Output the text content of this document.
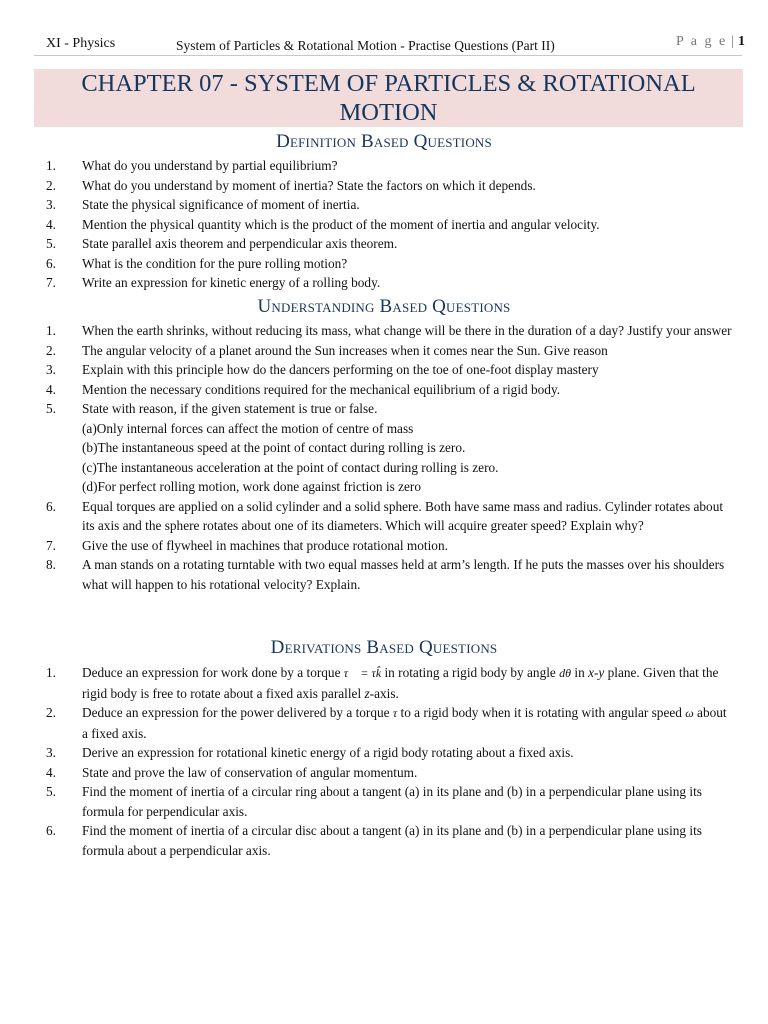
XI - Physics	System of Particles & Rotational Motion - Practise Questions (Part II)	P a g e | 1
CHAPTER 07 - SYSTEM OF PARTICLES & ROTATIONAL MOTION
Definition Based Questions
1. What do you understand by partial equilibrium?
2. What do you understand by moment of inertia? State the factors on which it depends.
3. State the physical significance of moment of inertia.
4. Mention the physical quantity which is the product of the moment of inertia and angular velocity.
5. State parallel axis theorem and perpendicular axis theorem.
6. What is the condition for the pure rolling motion?
7. Write an expression for kinetic energy of a rolling body.
Understanding Based Questions
1. When the earth shrinks, without reducing its mass, what change will be there in the duration of a day? Justify your answer
2. The angular velocity of a planet around the Sun increases when it comes near the Sun. Give reason
3. Explain with this principle how do the dancers performing on the toe of one-foot display mastery
4. Mention the necessary conditions required for the mechanical equilibrium of a rigid body.
5. State with reason, if the given statement is true or false.
(a)Only internal forces can affect the motion of centre of mass
(b)The instantaneous speed at the point of contact during rolling is zero.
(c)The instantaneous acceleration at the point of contact during rolling is zero.
(d)For perfect rolling motion, work done against friction is zero
6. Equal torques are applied on a solid cylinder and a solid sphere. Both have same mass and radius. Cylinder rotates about its axis and the sphere rotates about one of its diameters. Which will acquire greater speed? Explain why?
7. Give the use of flywheel in machines that produce rotational motion.
8. A man stands on a rotating turntable with two equal masses held at arm’s length. If he puts the masses over his shoulders what will happen to his rotational velocity? Explain.
Derivations Based Questions
1. Deduce an expression for work done by a torque τ⃗ = τk̂ in rotating a rigid body by angle dθ in x-y plane. Given that the rigid body is free to rotate about a fixed axis parallel z-axis.
2. Deduce an expression for the power delivered by a torque τ to a rigid body when it is rotating with angular speed ω about a fixed axis.
3. Derive an expression for rotational kinetic energy of a rigid body rotating about a fixed axis.
4. State and prove the law of conservation of angular momentum.
5. Find the moment of inertia of a circular ring about a tangent (a) in its plane and (b) in a perpendicular plane using its formula for perpendicular axis.
6. Find the moment of inertia of a circular disc about a tangent (a) in its plane and (b) in a perpendicular plane using its formula about a perpendicular axis.
